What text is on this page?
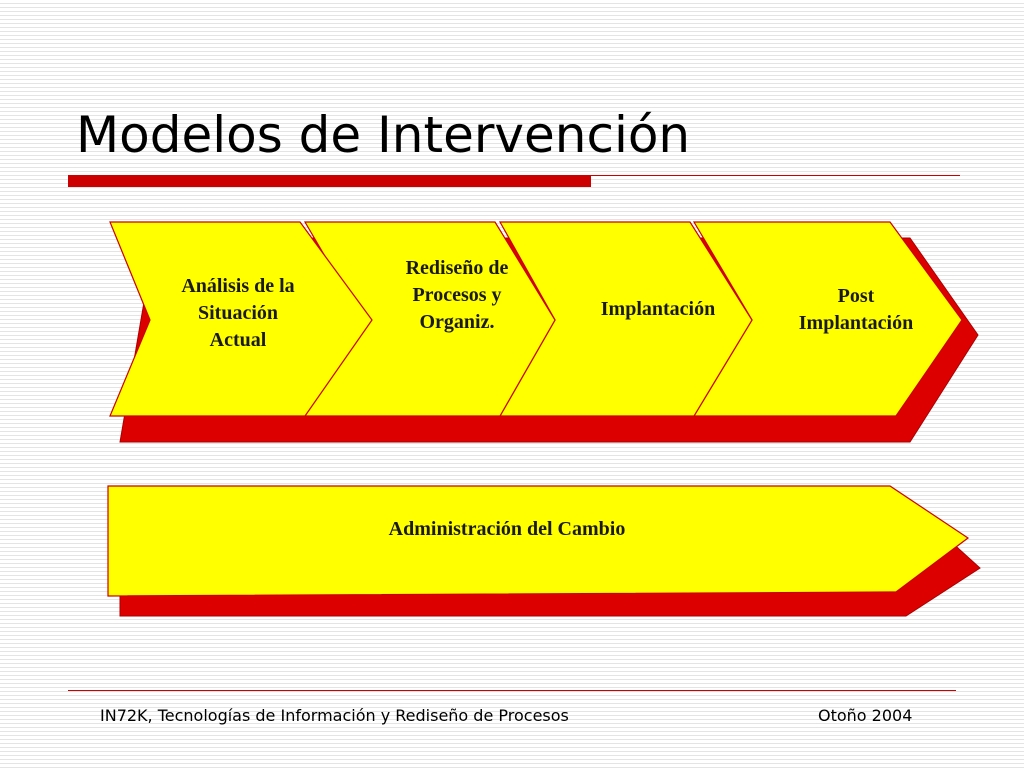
Modelos de Intervención
Análisis de la
Situación
Actual
Rediseño de
Procesos y
Organiz.
Implantación
Post
Implantación
Administración del Cambio
IN72K, Tecnologías de Información y Rediseño de Procesos	Otoño 2004
